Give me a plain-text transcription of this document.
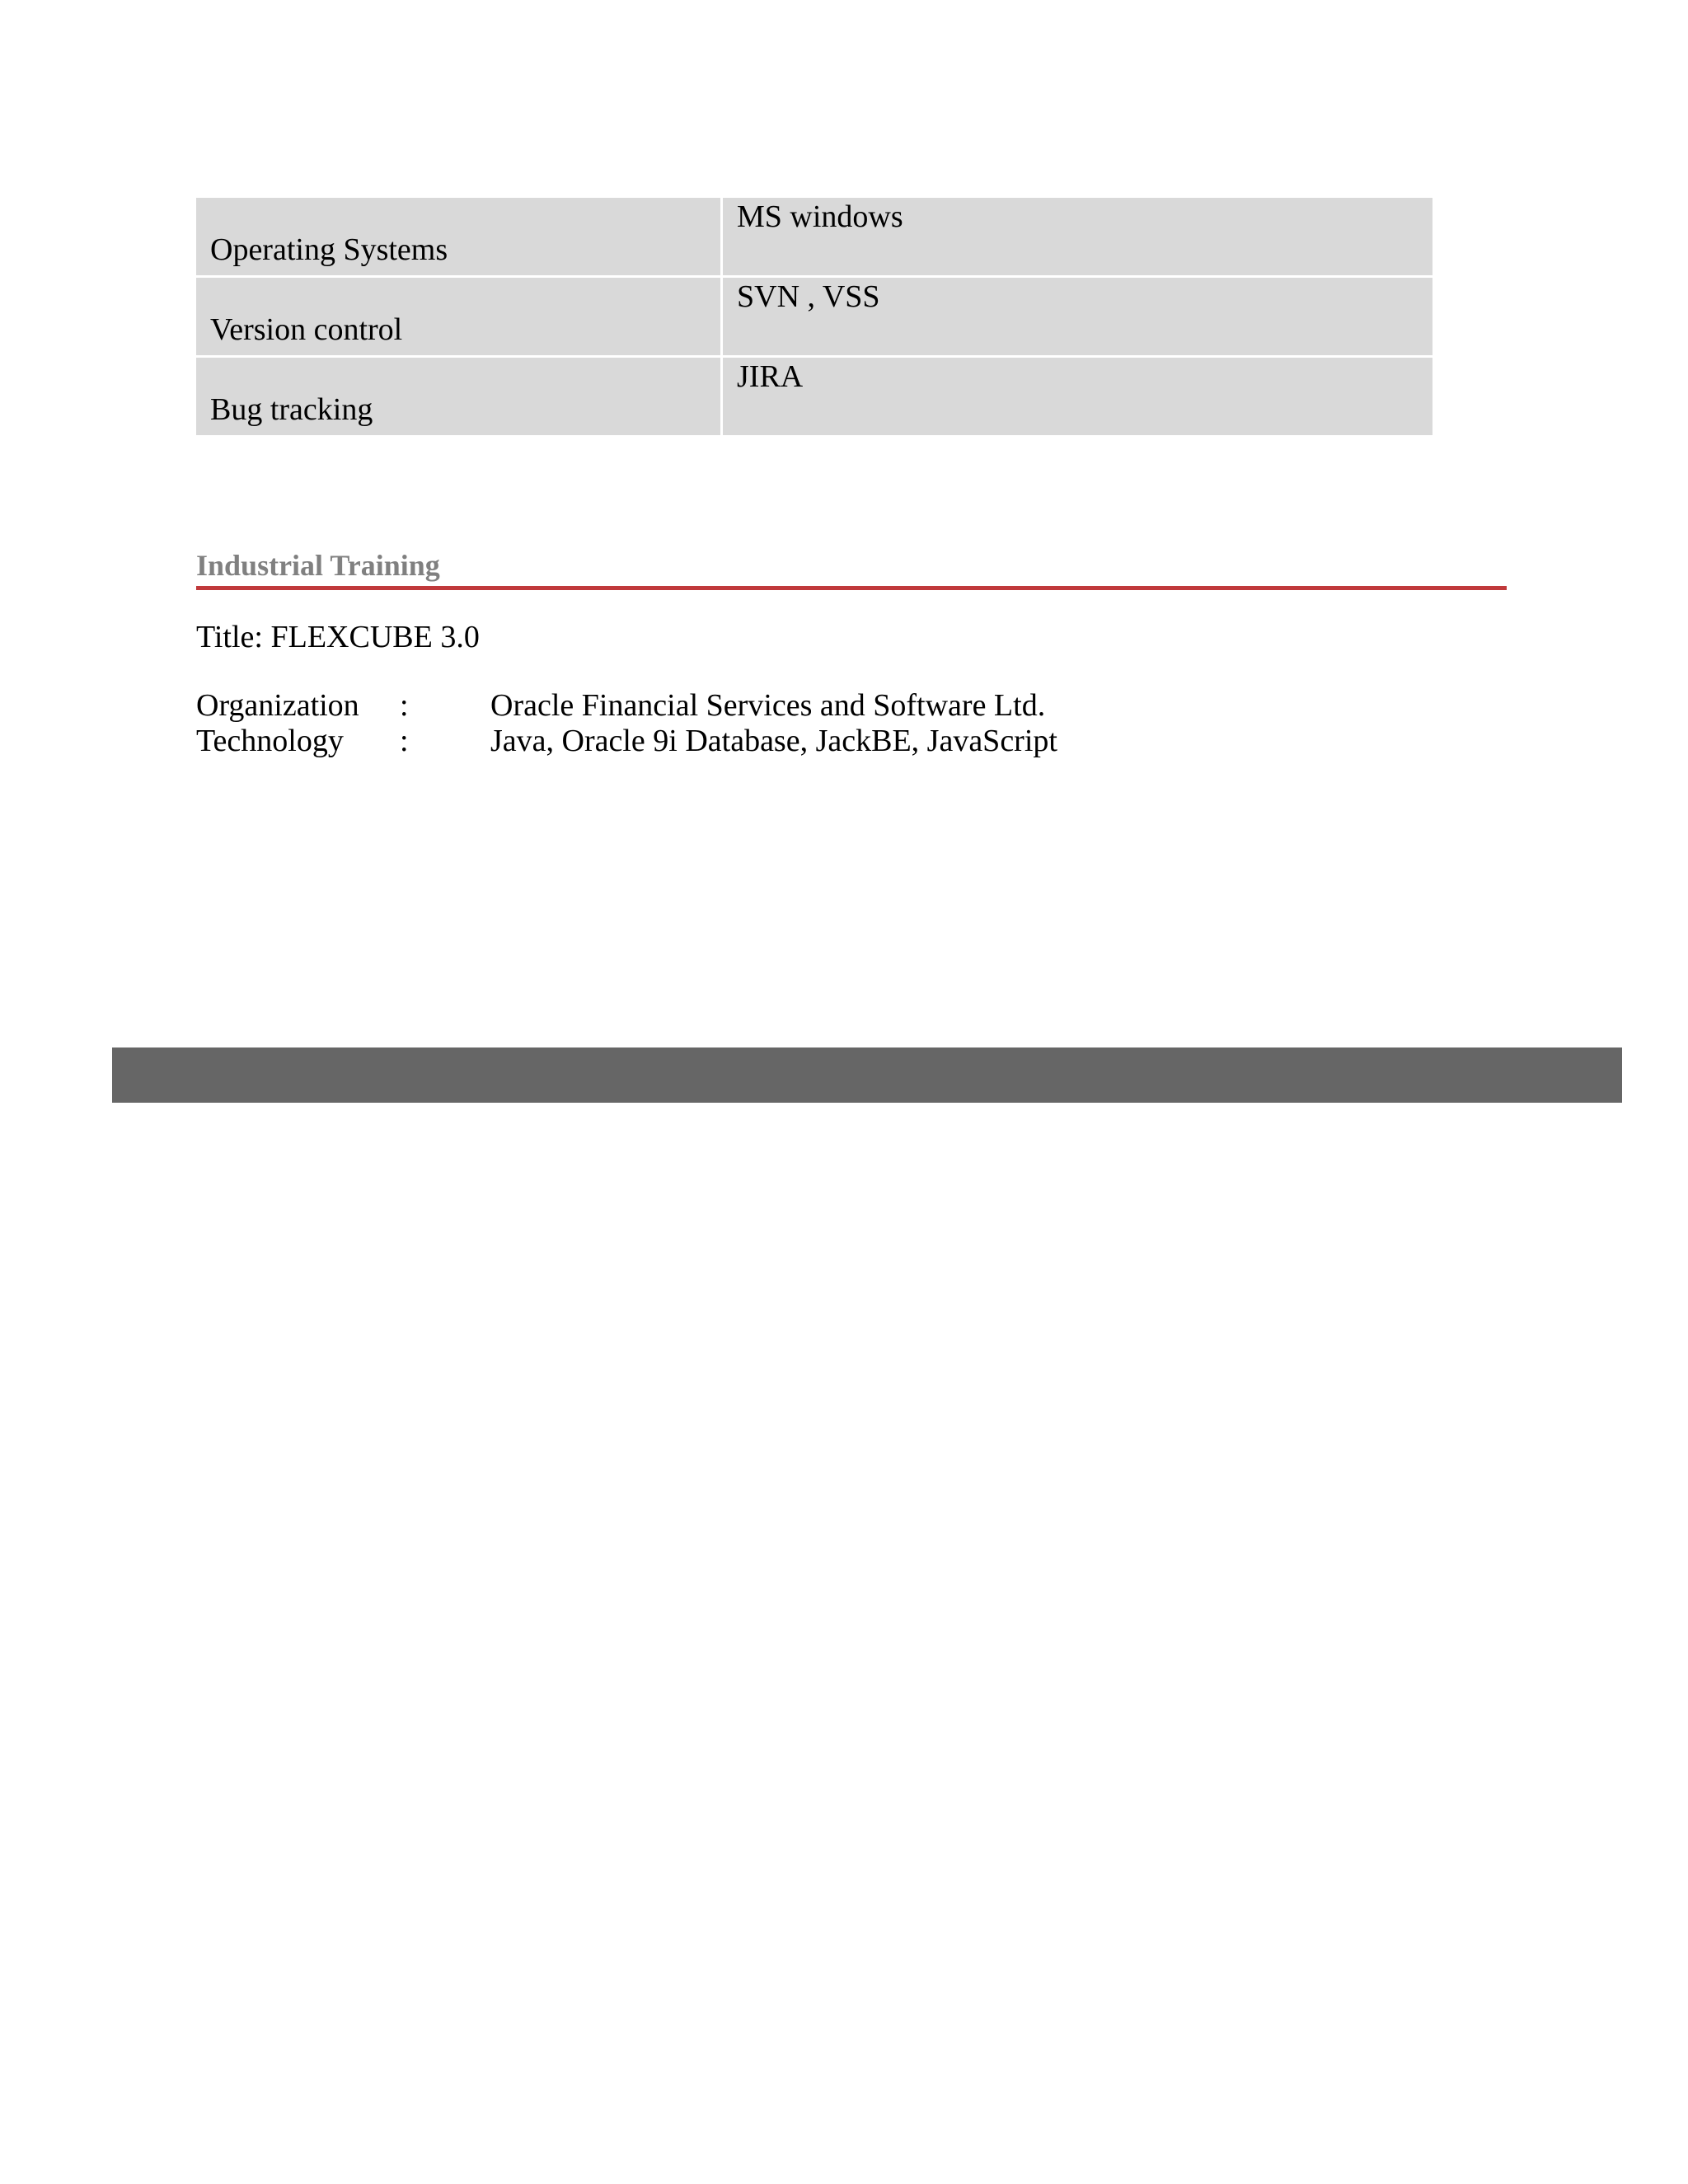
Operating Systems
MS windows
Version control
SVN , VSS
Bug tracking
JIRA
Industrial Training
Title: FLEXCUBE 3.0
Organization :	Oracle Financial Services and Software Ltd.
Technology :	Java, Oracle 9i Database, JackBE, JavaScript
